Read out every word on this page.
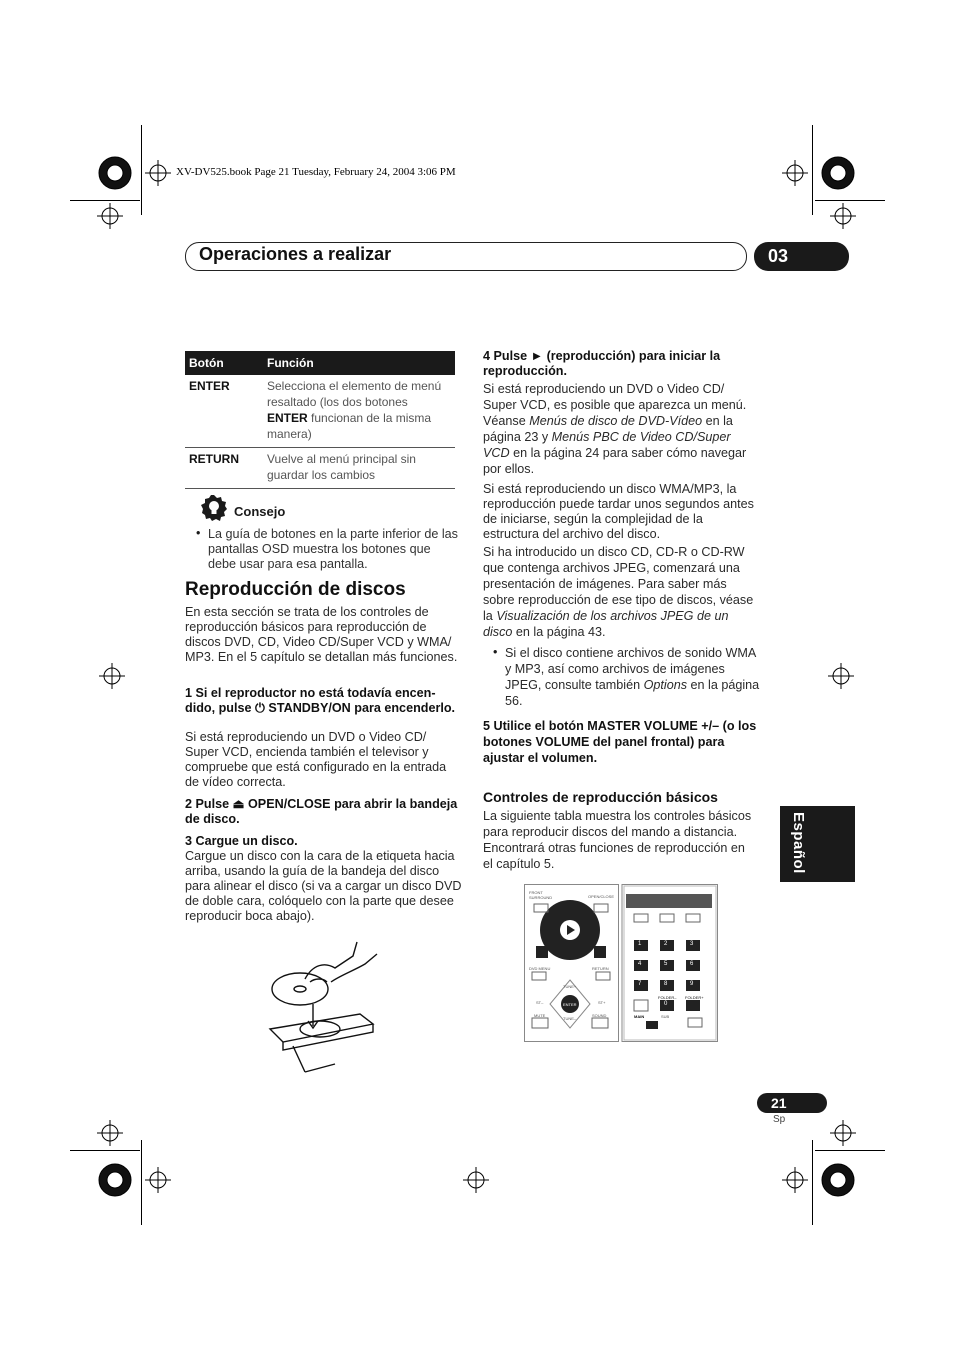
XV-DV525.book Page 21 Tuesday, February 24, 2004 3:06 PM
Operaciones a realizar	03
Español
Botón	Función
ENTER	Selecciona el elemento de menú resaltado (los dos botones ENTER funcionan de la misma manera)
RETURN	Vuelve al menú principal sin guardar los cambios
Consejo
• La guía de botones en la parte inferior de las pantallas OSD muestra los botones que debe usar para esa pantalla.
Reproducción de discos
En esta sección se trata de los controles de reproducción básicos para reproducción de discos DVD, CD, Video CD/Super VCD y WMA/ MP3. En el 5 capítulo se detallan más funciones.
1 Si el reproductor no está todavía encen- dido, pulse ⏻ STANDBY/ON para encenderlo.
Si está reproduciendo un DVD o Video CD/ Super VCD, encienda también el televisor y compruebe que está configurado en la entrada de vídeo correcta.
2 Pulse ⏏ OPEN/CLOSE para abrir la bandeja de disco.
3 Cargue un disco.
Cargue un disco con la cara de la etiqueta hacia arriba, usando la guía de la bandeja del disco para alinear el disco (si va a cargar un disco DVD de doble cara, colóquelo con la parte que desee reproducir boca abajo).
4 Pulse ► (reproducción) para iniciar la reproducción.
Si está reproduciendo un DVD o Video CD/ Super VCD, es posible que aparezca un menú. Véanse Menús de disco de DVD-Vídeo en la página 23 y Menús PBC de Video CD/Super VCD en la página 24 para saber cómo navegar por ellos.
Si está reproduciendo un disco WMA/MP3, la reproducción puede tardar unos segundos antes de iniciarse, según la complejidad de la estructura del archivo del disco.
Si ha introducido un disco CD, CD-R o CD-RW que contenga archivos JPEG, comenzará una presentación de imágenes. Para saber más sobre reproducción de ese tipo de discos, véase la Visualización de los archivos JPEG de un disco en la página 43.
• Si el disco contiene archivos de sonido WMA y MP3, así como archivos de imágenes JPEG, consulte también Options en la página 56.
5 Utilice el botón MASTER VOLUME +/– (o los botones VOLUME del panel frontal) para ajustar el volumen.
Controles de reproducción básicos
La siguiente tabla muestra los controles básicos para reproducir discos del mando a distancia. Encontrará otras funciones de reproducción en el capítulo 5.
FRONT SURROUND	OPEN/CLOSE
DVD MENU	RETURN
TUNE+
ENTER
TUNE–
ST–	ST+
MUTE	SOUND	MAIN	SUB
FOLDER– FOLDER+
1	2	3
4	5	6
7	8	9
0
21
Sp
